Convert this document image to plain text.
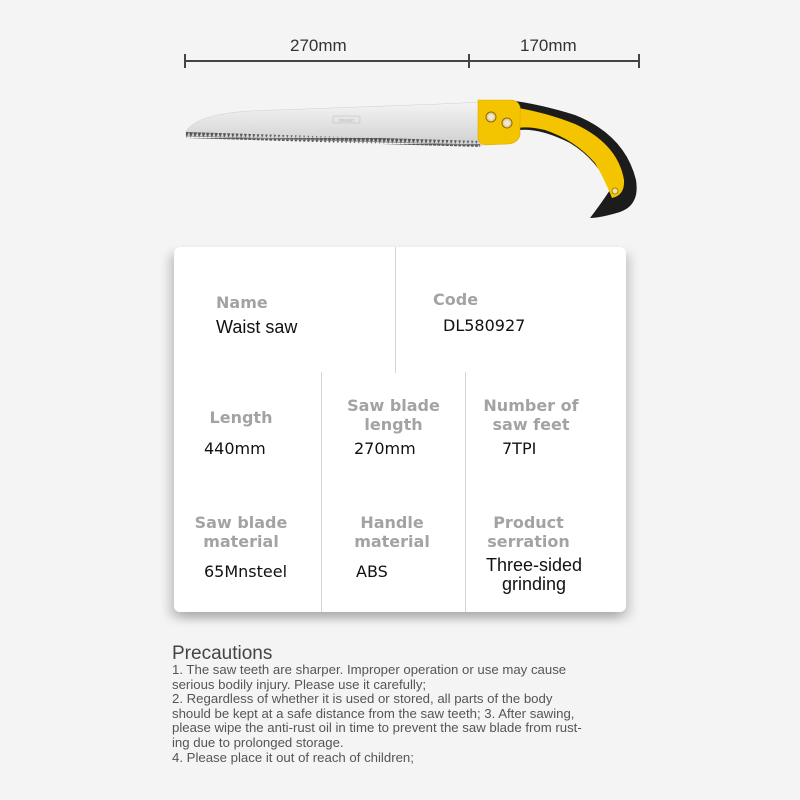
270mm	170mm
deuen
Name
Waist saw
Code
DL580927
Length
440mm
Saw blade
length
270mm
Number of
saw feet
7TPI
Saw blade
material
65Mnsteel
Handle
material
ABS
Product
serration
Three-sided
grinding
Precautions
1. The saw teeth are sharper. Improper operation or use may cause
serious bodily injury. Please use it carefully;
2. Regardless of whether it is used or stored, all parts of the body
should be kept at a safe distance from the saw teeth; 3. After sawing,
please wipe the anti-rust oil in time to prevent the saw blade from rust-
ing due to prolonged storage.
4. Please place it out of reach of children;
